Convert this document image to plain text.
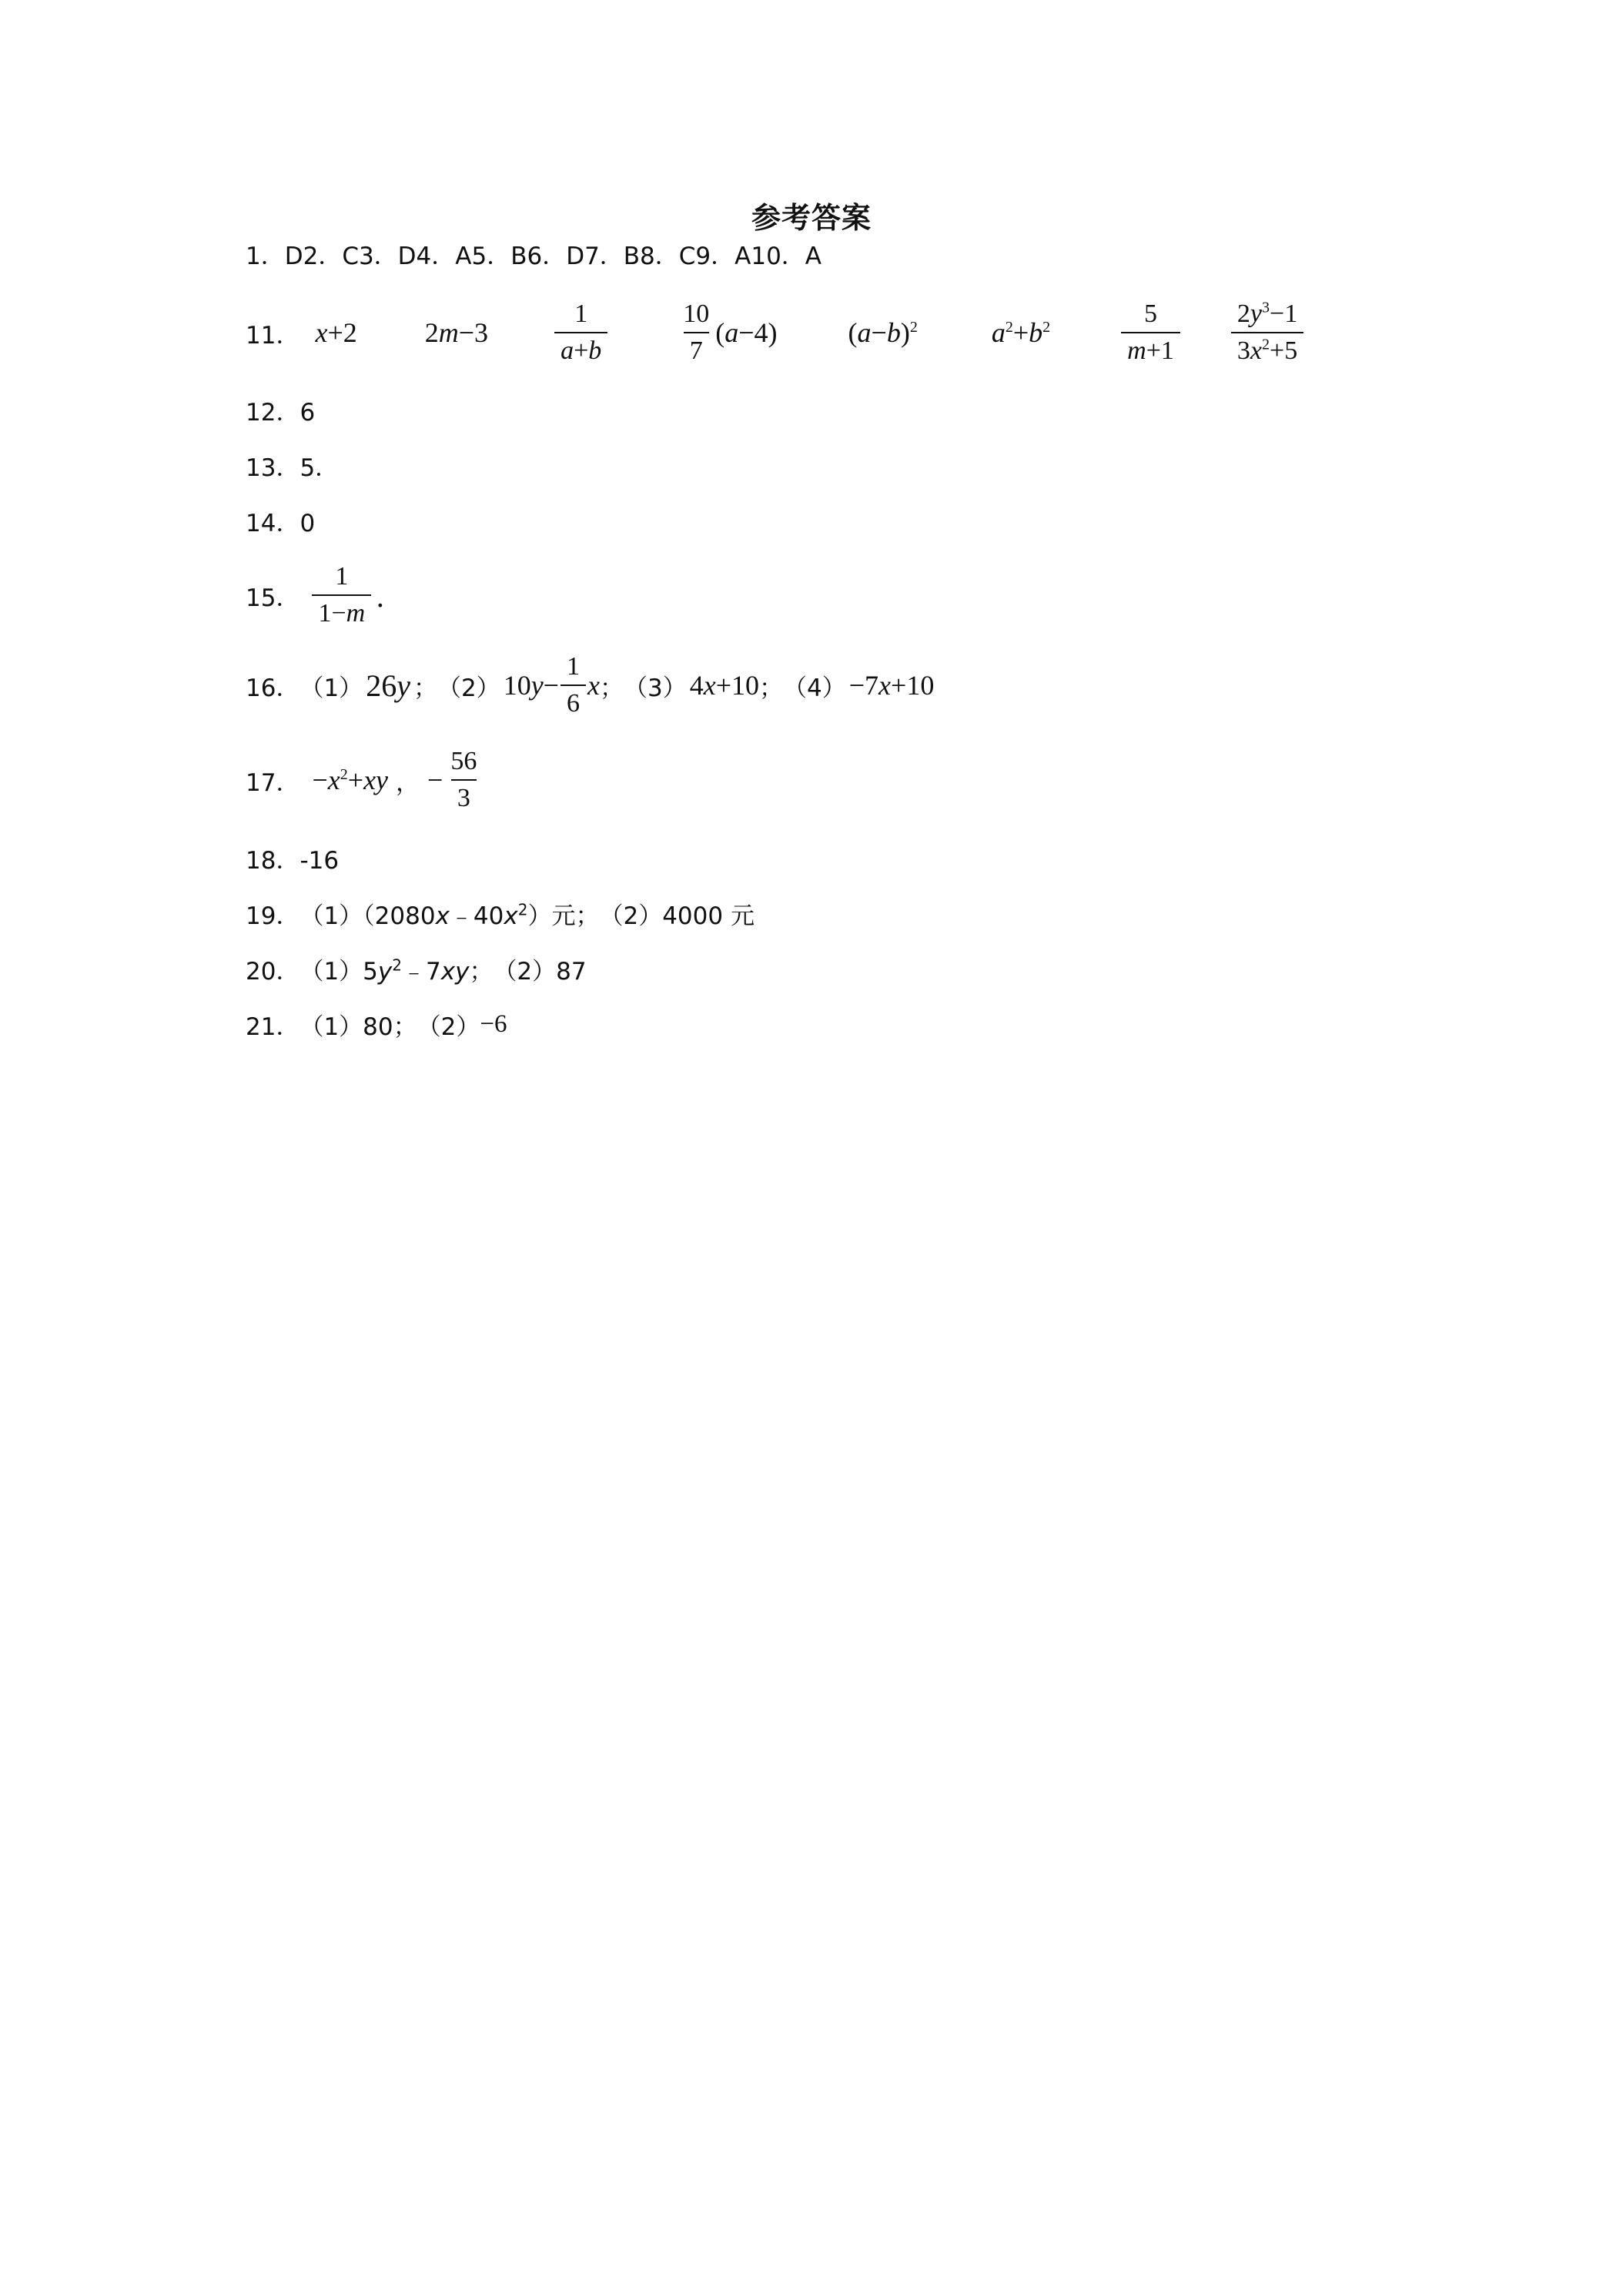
参考答案
1．D2．C3．D4．A5．B6．D7．B8．C9．A10．A
11． x+2 2m−3	$\frac{1}{a+b}$	$\frac{10}{7}$ ( a −4)	$(a-b)^2$	$a^2+b^2$	$\frac{5}{m+1} \frac{2y^3-1}{3x^2+5}$
12．6
13．5．
14．0
15． $\frac{1}{1-m}$ ．
16． （1） 26y ； （2） 10 $y - \frac{1}{6}$ x ； （3） 4x+10 ； （4） −7x+10
17． $-x^2+xy$ ， − $\frac{56}{3}$
18．-16
19． $(1)(2080x﹣40x^2)$ 元 ； （2）4000 元
20． $(1)5y^2﹣7xy$ ； （2）87
21． （1）80 ； （2） −6
